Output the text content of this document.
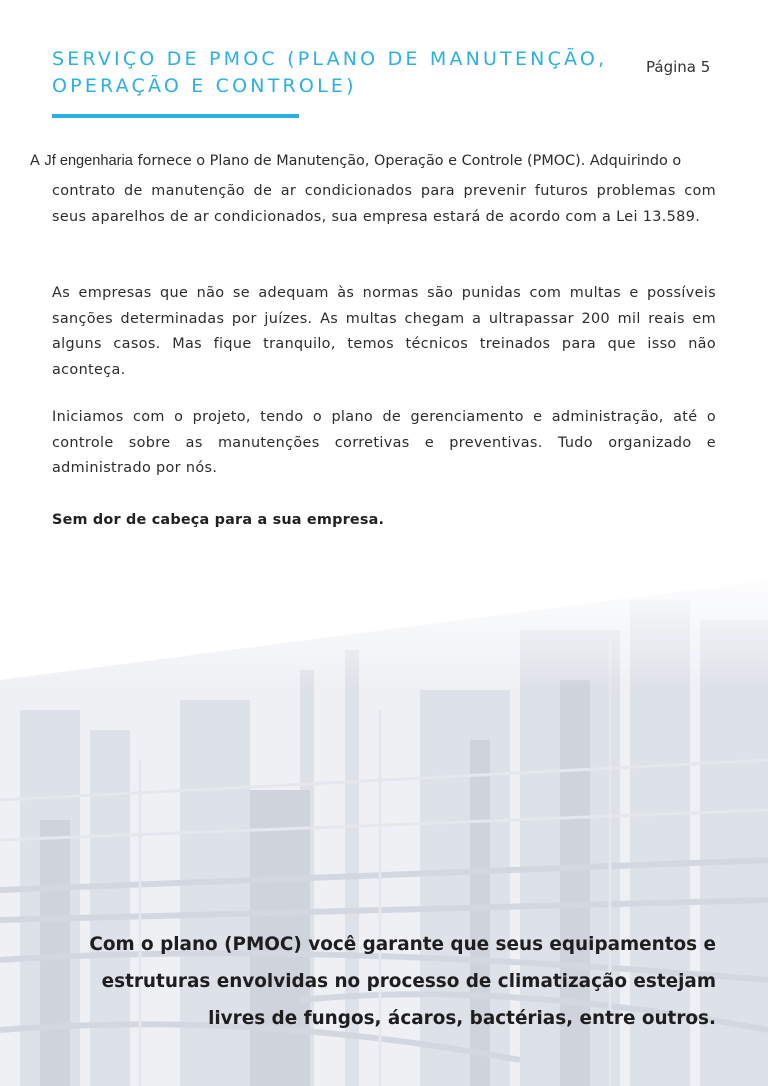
SERVIÇO DE PMOC (PLANO DE MANUTENÇÃO, OPERAÇÃO E CONTROLE)
Página 5
A Jf engenharia fornece o Plano de Manutenção, Operação e Controle (PMOC). Adquirindo o
contrato de manutenção de ar condicionados para prevenir futuros problemas com seus aparelhos de ar condicionados, sua empresa estará de acordo com a Lei 13.589.
As empresas que não se adequam às normas são punidas com multas e possíveis sanções determinadas por juízes. As multas chegam a ultrapassar 200 mil reais em alguns casos. Mas fique tranquilo, temos técnicos treinados para que isso não aconteça.
Iniciamos com o projeto, tendo o plano de gerenciamento e administração, até o controle sobre as manutenções corretivas e preventivas. Tudo organizado e administrado por nós.
Sem dor de cabeça para a sua empresa.
Com o plano (PMOC) você garante que seus equipamentos e
estruturas envolvidas no processo de climatização estejam
livres de fungos, ácaros, bactérias, entre outros.
